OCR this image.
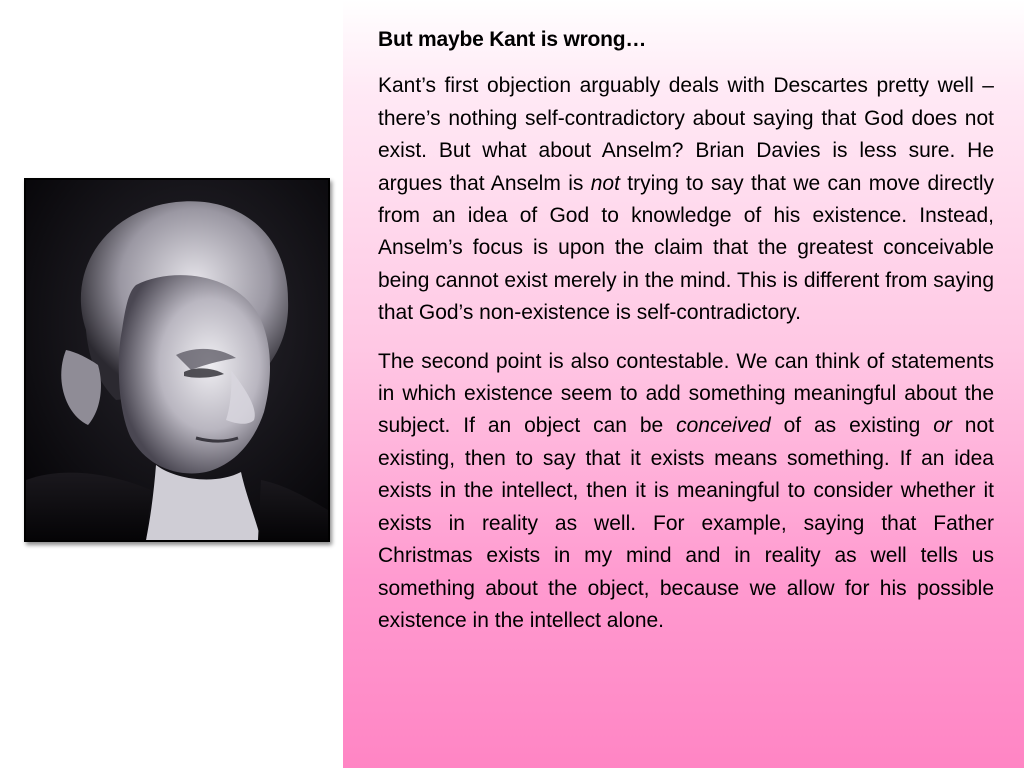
But maybe Kant is wrong…

Kant’s first objection arguably deals with Descartes pretty well – there’s nothing self-contradictory about saying that God does not exist. But what about Anselm? Brian Davies is less sure. He argues that Anselm is not trying to say that we can move directly from an idea of God to knowledge of his existence. Instead, Anselm’s focus is upon the claim that the greatest conceivable being cannot exist merely in the mind. This is different from saying that God’s non-existence is self-contradictory.

The second point is also contestable. We can think of statements in which existence seem to add something meaningful about the subject. If an object can be conceived of as existing or not existing, then to say that it exists means something. If an idea exists in the intellect, then it is meaningful to consider whether it exists in reality as well. For example, saying that Father Christmas exists in my mind and in reality as well tells us something about the object, because we allow for his possible existence in the intellect alone.
